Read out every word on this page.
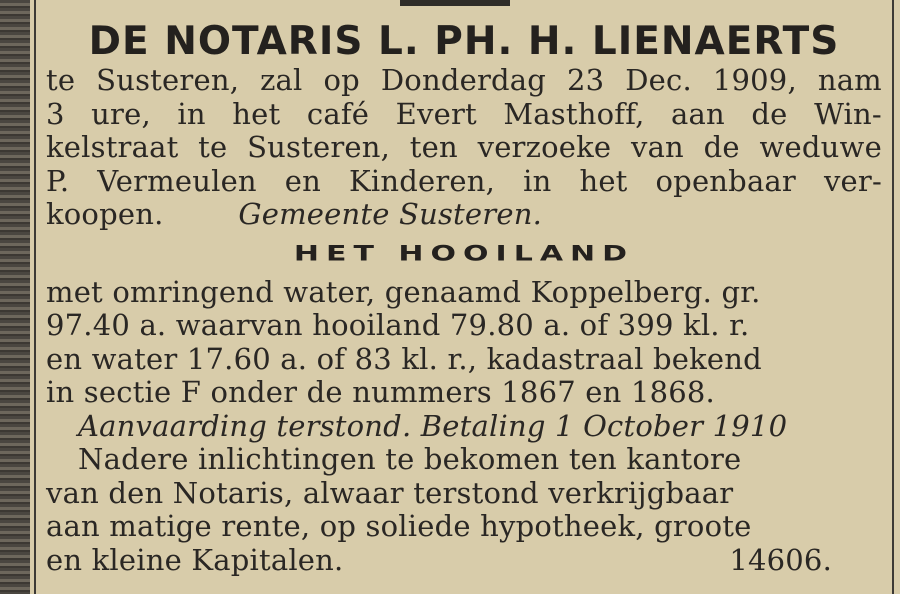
DE NOTARIS L. PH. H. LIENAERTS
te Susteren, zal op Donderdag 23 Dec. 1909, nam
3 ure, in het café Evert Masthoff, aan de Win-
kelstraat te Susteren, ten verzoeke van de weduwe
P. Vermeulen en Kinderen, in het openbaar ver-
koopen.	Gemeente Susteren.
HET HOOILAND
met omringend water, genaamd Koppelberg. gr.
97.40 a. waarvan hooiland 79.80 a. of 399 kl. r.
en water 17.60 a. of 83 kl. r., kadastraal bekend
in sectie F onder de nummers 1867 en 1868.
Aanvaarding terstond. Betaling 1 October 1910
Nadere inlichtingen te bekomen ten kantore
van den Notaris, alwaar terstond verkrijgbaar
aan matige rente, op soliede hypotheek, groote
en kleine Kapitalen.	14606.
